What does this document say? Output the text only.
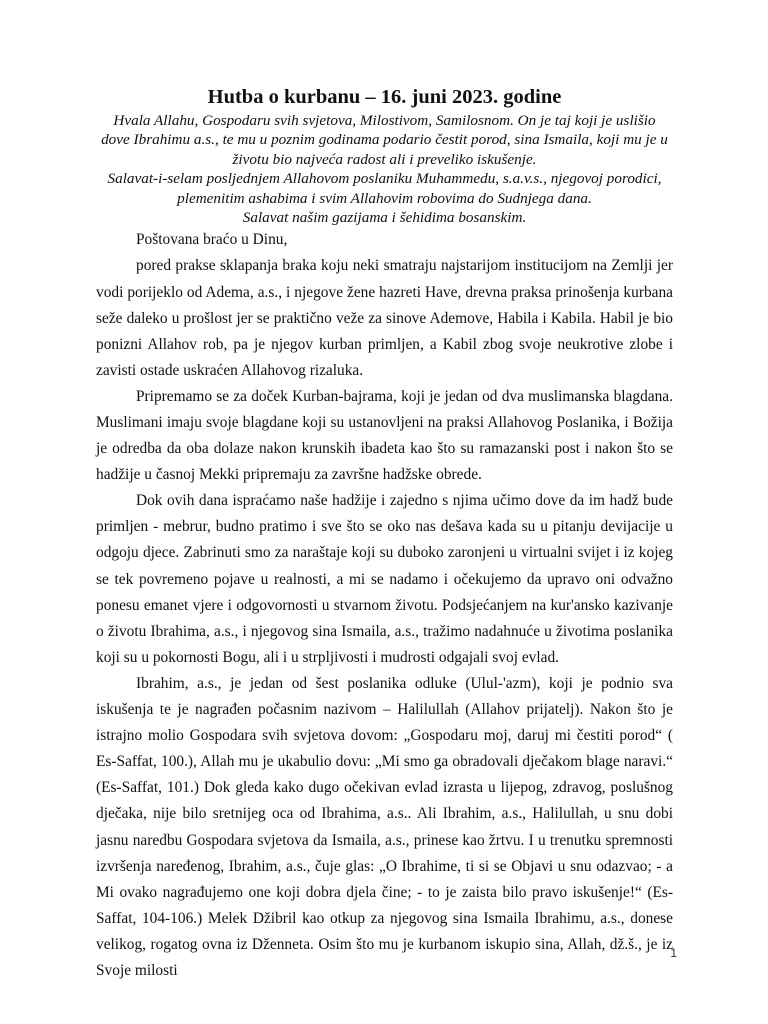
Hutba o kurbanu – 16. juni 2023. godine
Hvala Allahu, Gospodaru svih svjetova, Milostivom, Samilosnom. On je taj koji je uslišio
dove Ibrahimu a.s., te mu u poznim godinama podario čestit porod, sina Ismaila, koji mu je u
životu bio najveća radost ali i preveliko iskušenje.
Salavat-i-selam posljednjem Allahovom poslaniku Muhammedu, s.a.v.s., njegovoj porodici,
plemenitim ashabima i svim Allahovim robovima do Sudnjega dana.
Salavat našim gazijama i šehidima bosanskim.

Poštovana braćo u Dinu,

pored prakse sklapanja braka koju neki smatraju najstarijom institucijom na Zemlji jer vodi porijeklo od Adema, a.s., i njegove žene hazreti Have, drevna praksa prinošenja kurbana seže daleko u prošlost jer se praktično veže za sinove Ademove, Habila i Kabila. Habil je bio ponizni Allahov rob, pa je njegov kurban primljen, a Kabil zbog svoje neukrotive zlobe i zavisti ostade uskraćen Allahovog rizaluka.

Pripremamo se za doček Kurban-bajrama, koji je jedan od dva muslimanska blagdana. Muslimani imaju svoje blagdane koji su ustanovljeni na praksi Allahovog Poslanika, i Božija je odredba da oba dolaze nakon krunskih ibadeta kao što su ramazanski post i nakon što se hadžije u časnoj Mekki pripremaju za završne hadžske obrede.

Dok ovih dana ispraćamo naše hadžije i zajedno s njima učimo dove da im hadž bude primljen - mebrur, budno pratimo i sve što se oko nas dešava kada su u pitanju devijacije u odgoju djece. Zabrinuti smo za naraštaje koji su duboko zaronjeni u virtualni svijet i iz kojeg se tek povremeno pojave u realnosti, a mi se nadamo i očekujemo da upravo oni odvažno ponesu emanet vjere i odgovornosti u stvarnom životu. Podsjećanjem na kur'ansko kazivanje o životu Ibrahima, a.s., i njegovog sina Ismaila, a.s., tražimo nadahnuće u životima poslanika koji su u pokornosti Bogu, ali i u strpljivosti i mudrosti odgajali svoj evlad.

Ibrahim, a.s., je jedan od šest poslanika odluke (Ulul-'azm), koji je podnio sva iskušenja te je nagrađen počasnim nazivom – Halilullah (Allahov prijatelj). Nakon što je istrajno molio Gospodara svih svjetova dovom: „Gospodaru moj, daruj mi čestiti porod“ ( Es-Saffat, 100.), Allah mu je ukabulio dovu: „Mi smo ga obradovali dječakom blage naravi.“ (Es-Saffat, 101.) Dok gleda kako dugo očekivan evlad izrasta u lijepog, zdravog, poslušnog dječaka, nije bilo sretnijeg oca od Ibrahima, a.s.. Ali Ibrahim, a.s., Halilullah, u snu dobi jasnu naredbu Gospodara svjetova da Ismaila, a.s., prinese kao žrtvu. I u trenutku spremnosti izvršenja naređenog, Ibrahim, a.s., čuje glas: „O Ibrahime, ti si se Objavi u snu odazvao; - a Mi ovako nagrađujemo one koji dobra djela čine; - to je zaista bilo pravo iskušenje!“ (Es-Saffat, 104-106.) Melek Džibril kao otkup za njegovog sina Ismaila Ibrahimu, a.s., donese velikog, rogatog ovna iz Dženneta. Osim što mu je kurbanom iskupio sina, Allah, dž.š., je iz Svoje milosti

1
